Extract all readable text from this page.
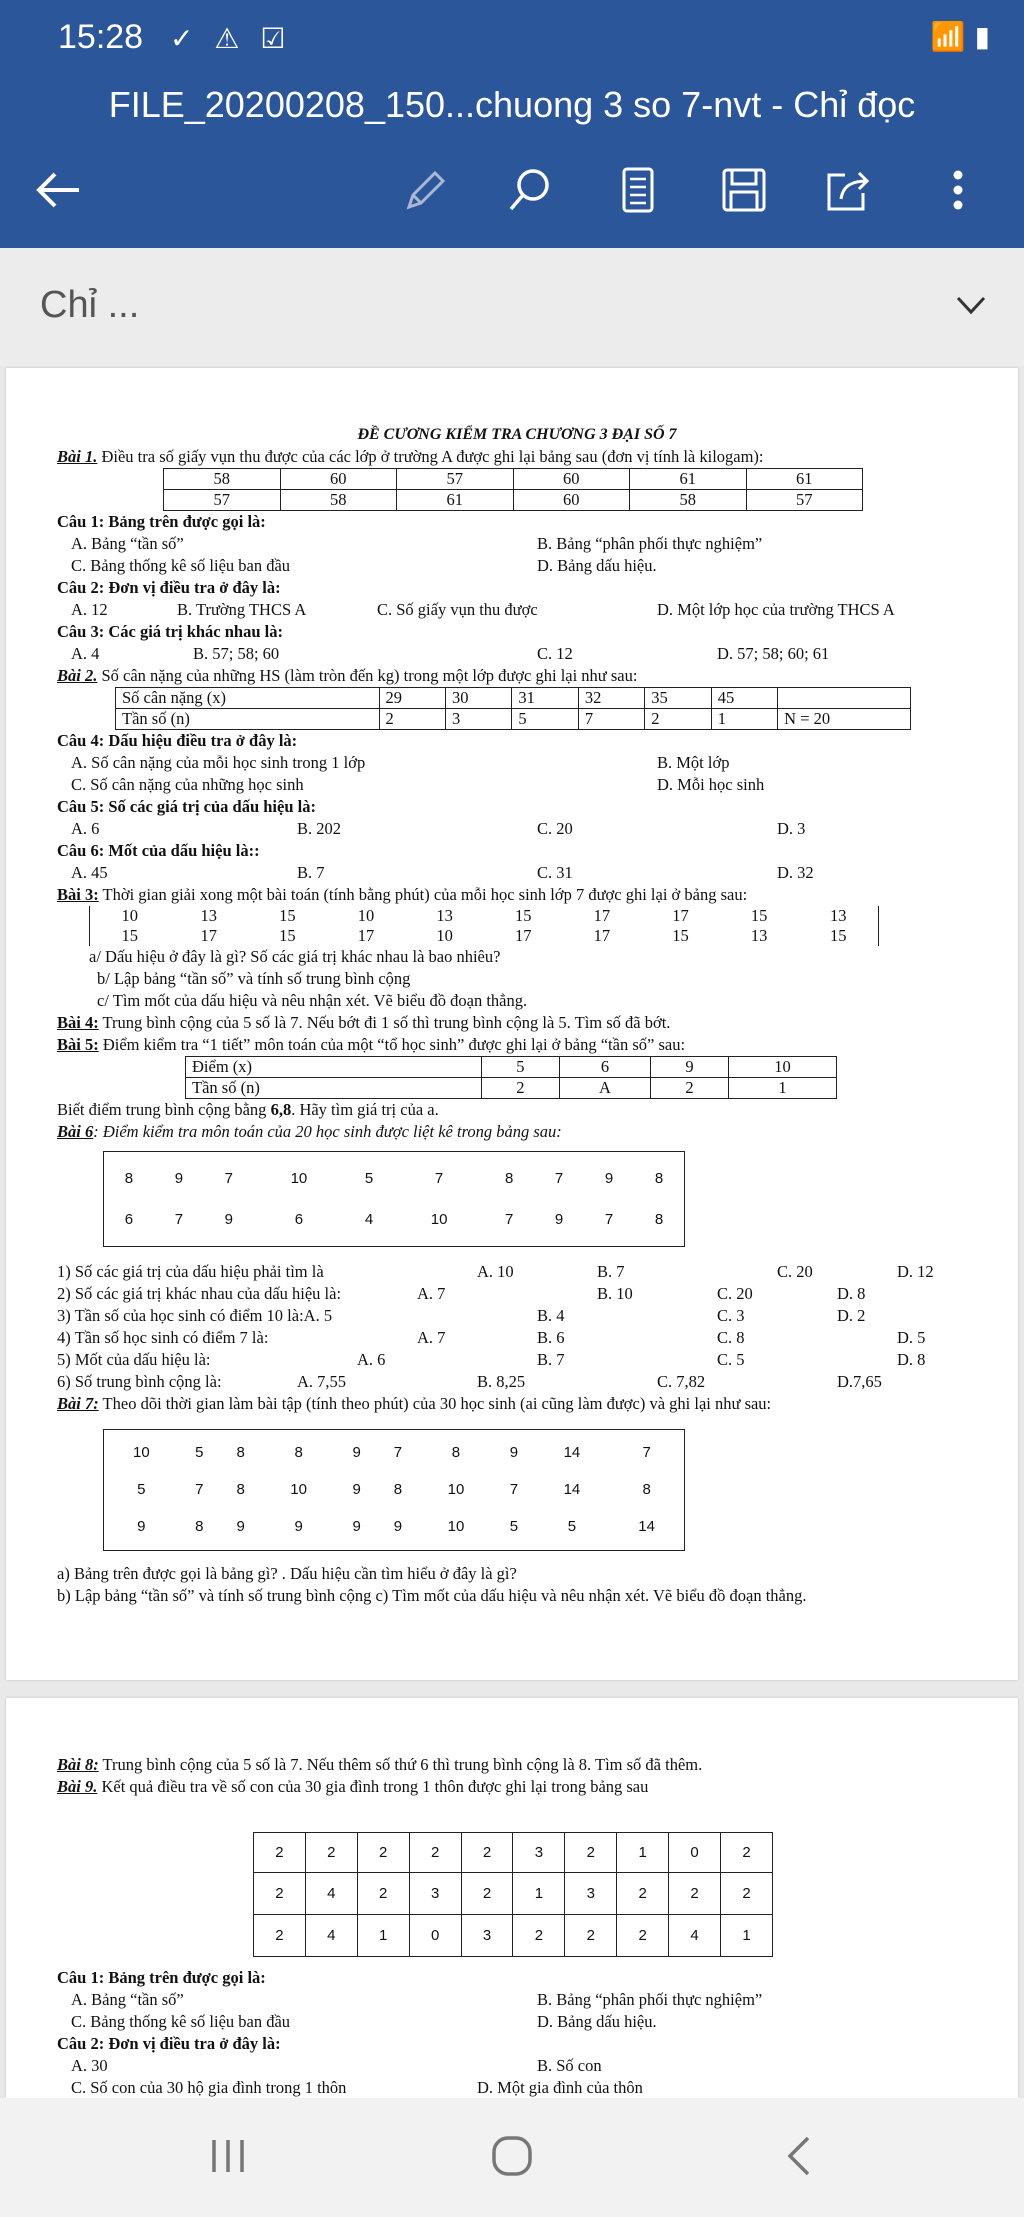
15:28 ✓ ⚠ ☑	📶 ▮
FILE_20200208_150...chuong 3 so 7-nvt - Chỉ đọc
Chỉ ...
ĐỀ CƯƠNG KIỂM TRA CHƯƠNG 3 ĐẠI SỐ 7
Bài 1. Điều tra số giấy vụn thu được của các lớp ở trường A được ghi lại bảng sau (đơn vị tính là kilogam):
58	60	57	60	61	61
57	58	61	60	58	57
Câu 1: Bảng trên được gọi là:
A. Bảng “tần số”	B. Bảng “phân phối thực nghiệm”
C. Bảng thống kê số liệu ban đầu	D. Bảng dấu hiệu.
Câu 2: Đơn vị điều tra ở đây là:
A. 12	B. Trường THCS A	C. Số giấy vụn thu được	D. Một lớp học của trường THCS A
Câu 3: Các giá trị khác nhau là:
A. 4	B. 57; 58; 60	C. 12	D. 57; 58; 60; 61
Bài 2. Số cân nặng của những HS (làm tròn đến kg) trong một lớp được ghi lại như sau:
Số cân nặng (x)	29	30	31	32	35	45	
Tần số (n)	2	3	5	7	2	1	N = 20
Câu 4: Dấu hiệu điều tra ở đây là:
A. Số cân nặng của mỗi học sinh trong 1 lớp	B. Một lớp
C. Số cân nặng của những học sinh	D. Mỗi học sinh
Câu 5: Số các giá trị của dấu hiệu là:
A. 6	B. 202	C. 20	D. 3
Câu 6: Mốt của dấu hiệu là::
A. 45	B. 7	C. 31	D. 32
Bài 3: Thời gian giải xong một bài toán (tính bằng phút) của mỗi học sinh lớp 7 được ghi lại ở bảng sau:
10	13	15	10	13	15	17	17	15	13
15	17	15	17	10	17	17	15	13	15
a/ Dấu hiệu ở đây là gì? Số các giá trị khác nhau là bao nhiêu?
b/ Lập bảng “tần số” và tính số trung bình cộng
c/ Tìm mốt của dấu hiệu và nêu nhận xét. Vẽ biểu đồ đoạn thẳng.
Bài 4: Trung bình cộng của 5 số là 7. Nếu bớt đi 1 số thì trung bình cộng là 5. Tìm số đã bớt.
Bài 5: Điểm kiểm tra “1 tiết” môn toán của một “tổ học sinh” được ghi lại ở bảng “tần số” sau:
Điểm (x)	5	6	9	10
Tần số (n)	2	A	2	1
Biết điểm trung bình cộng bằng 6,8. Hãy tìm giá trị của a.
Bài 6: Điểm kiểm tra môn toán của 20 học sinh được liệt kê trong bảng sau:
8	9	7	10	5	7	8	7	9	8
6	7	9	6	4	10	7	9	7	8
1) Số các giá trị của dấu hiệu phải tìm là	A. 10	B. 7	C. 20	D. 12
2) Số các giá trị khác nhau của dấu hiệu là:	A. 7	B. 10	C. 20	D. 8
3) Tần số của học sinh có điểm 10 là:A. 5	B. 4	C. 3	D. 2
4) Tần số học sinh có điểm 7 là:	A. 7	B. 6	C. 8	D. 5
5) Mốt của dấu hiệu là:	A. 6	B. 7	C. 5	D. 8
6) Số trung bình cộng là:	A. 7,55	B. 8,25	C. 7,82	D.7,65
Bài 7: Theo dõi thời gian làm bài tập (tính theo phút) của 30 học sinh (ai cũng làm được) và ghi lại như sau:
10	5	8	8	9	7	8	9	14	7
5	7	8	10	9	8	10	7	14	8
9	8	9	9	9	9	10	5	5	14
a) Bảng trên được gọi là bảng gì? . Dấu hiệu cần tìm hiểu ở đây là gì?
b) Lập bảng “tần số” và tính số trung bình cộng c) Tìm mốt của dấu hiệu và nêu nhận xét. Vẽ biểu đồ đoạn thẳng.
Bài 8: Trung bình cộng của 5 số là 7. Nếu thêm số thứ 6 thì trung bình cộng là 8. Tìm số đã thêm.
Bài 9. Kết quả điều tra về số con của 30 gia đình trong 1 thôn được ghi lại trong bảng sau
2	2	2	2	2	3	2	1	0	2
2	4	2	3	2	1	3	2	2	2
2	4	1	0	3	2	2	2	4	1
Câu 1: Bảng trên được gọi là:
A. Bảng “tần số”	B. Bảng “phân phối thực nghiệm”
C. Bảng thống kê số liệu ban đầu	D. Bảng dấu hiệu.
Câu 2: Đơn vị điều tra ở đây là:
A. 30	B. Số con
C. Số con của 30 hộ gia đình trong 1 thôn	D. Một gia đình của thôn
